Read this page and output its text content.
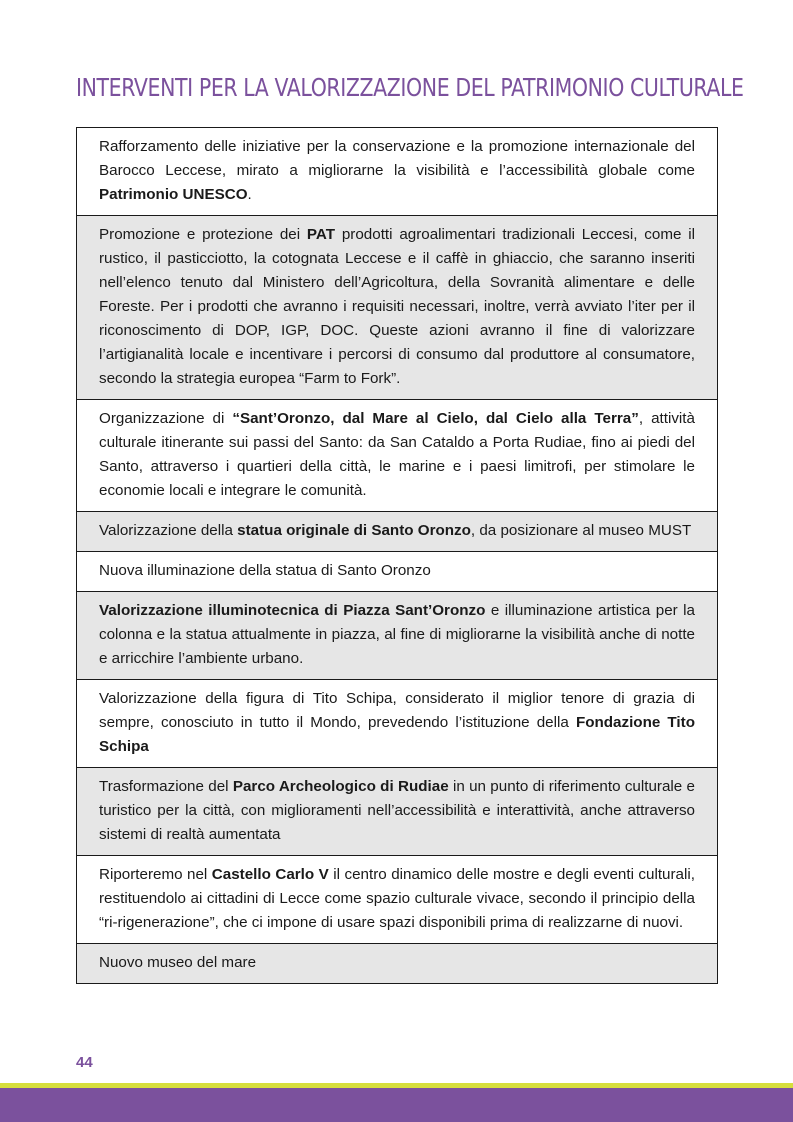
INTERVENTI PER LA VALORIZZAZIONE DEL PATRIMONIO CULTURALE
Rafforzamento delle iniziative per la conservazione e la promozione internazionale del Barocco Leccese, mirato a migliorarne la visibilità e l’accessibilità globale come Patrimonio UNESCO.
Promozione e protezione dei PAT prodotti agroalimentari tradizionali Leccesi, come il rustico, il pasticciotto, la cotognata Leccese e il caffè in ghiaccio, che saranno inseriti nell’elenco tenuto dal Ministero dell’Agricoltura, della Sovranità alimentare e delle Foreste. Per i prodotti che avranno i requisiti necessari, inoltre, verrà avviato l’iter per il riconoscimento di DOP, IGP, DOC. Queste azioni avranno il fine di valorizzare l’artigianalità locale e incentivare i percorsi di consumo dal produttore al consumatore, secondo la strategia europea “Farm to Fork”.
Organizzazione di “Sant’Oronzo, dal Mare al Cielo, dal Cielo alla Terra”, attività culturale itinerante sui passi del Santo: da San Cataldo a Porta Rudiae, fino ai piedi del Santo, attraverso i quartieri della città, le marine e i paesi limitrofi, per stimolare le economie locali e integrare le comunità.
Valorizzazione della statua originale di Santo Oronzo, da posizionare al museo MUST
Nuova illuminazione della statua di Santo Oronzo
Valorizzazione illuminotecnica di Piazza Sant’Oronzo e illuminazione artistica per la colonna e la statua attualmente in piazza, al fine di migliorarne la visibilità anche di notte e arricchire l’ambiente urbano.
Valorizzazione della figura di Tito Schipa, considerato il miglior tenore di grazia di sempre, conosciuto in tutto il Mondo, prevedendo l’istituzione della Fondazione Tito Schipa
Trasformazione del Parco Archeologico di Rudiae in un punto di riferimento culturale e turistico per la città, con miglioramenti nell’accessibilità e interattività, anche attraverso sistemi di realtà aumentata
Riporteremo nel Castello Carlo V il centro dinamico delle mostre e degli eventi culturali, restituendolo ai cittadini di Lecce come spazio culturale vivace, secondo il principio della “ri-rigenerazione”, che ci impone di usare spazi disponibili prima di realizzarne di nuovi.
Nuovo museo del mare
44
